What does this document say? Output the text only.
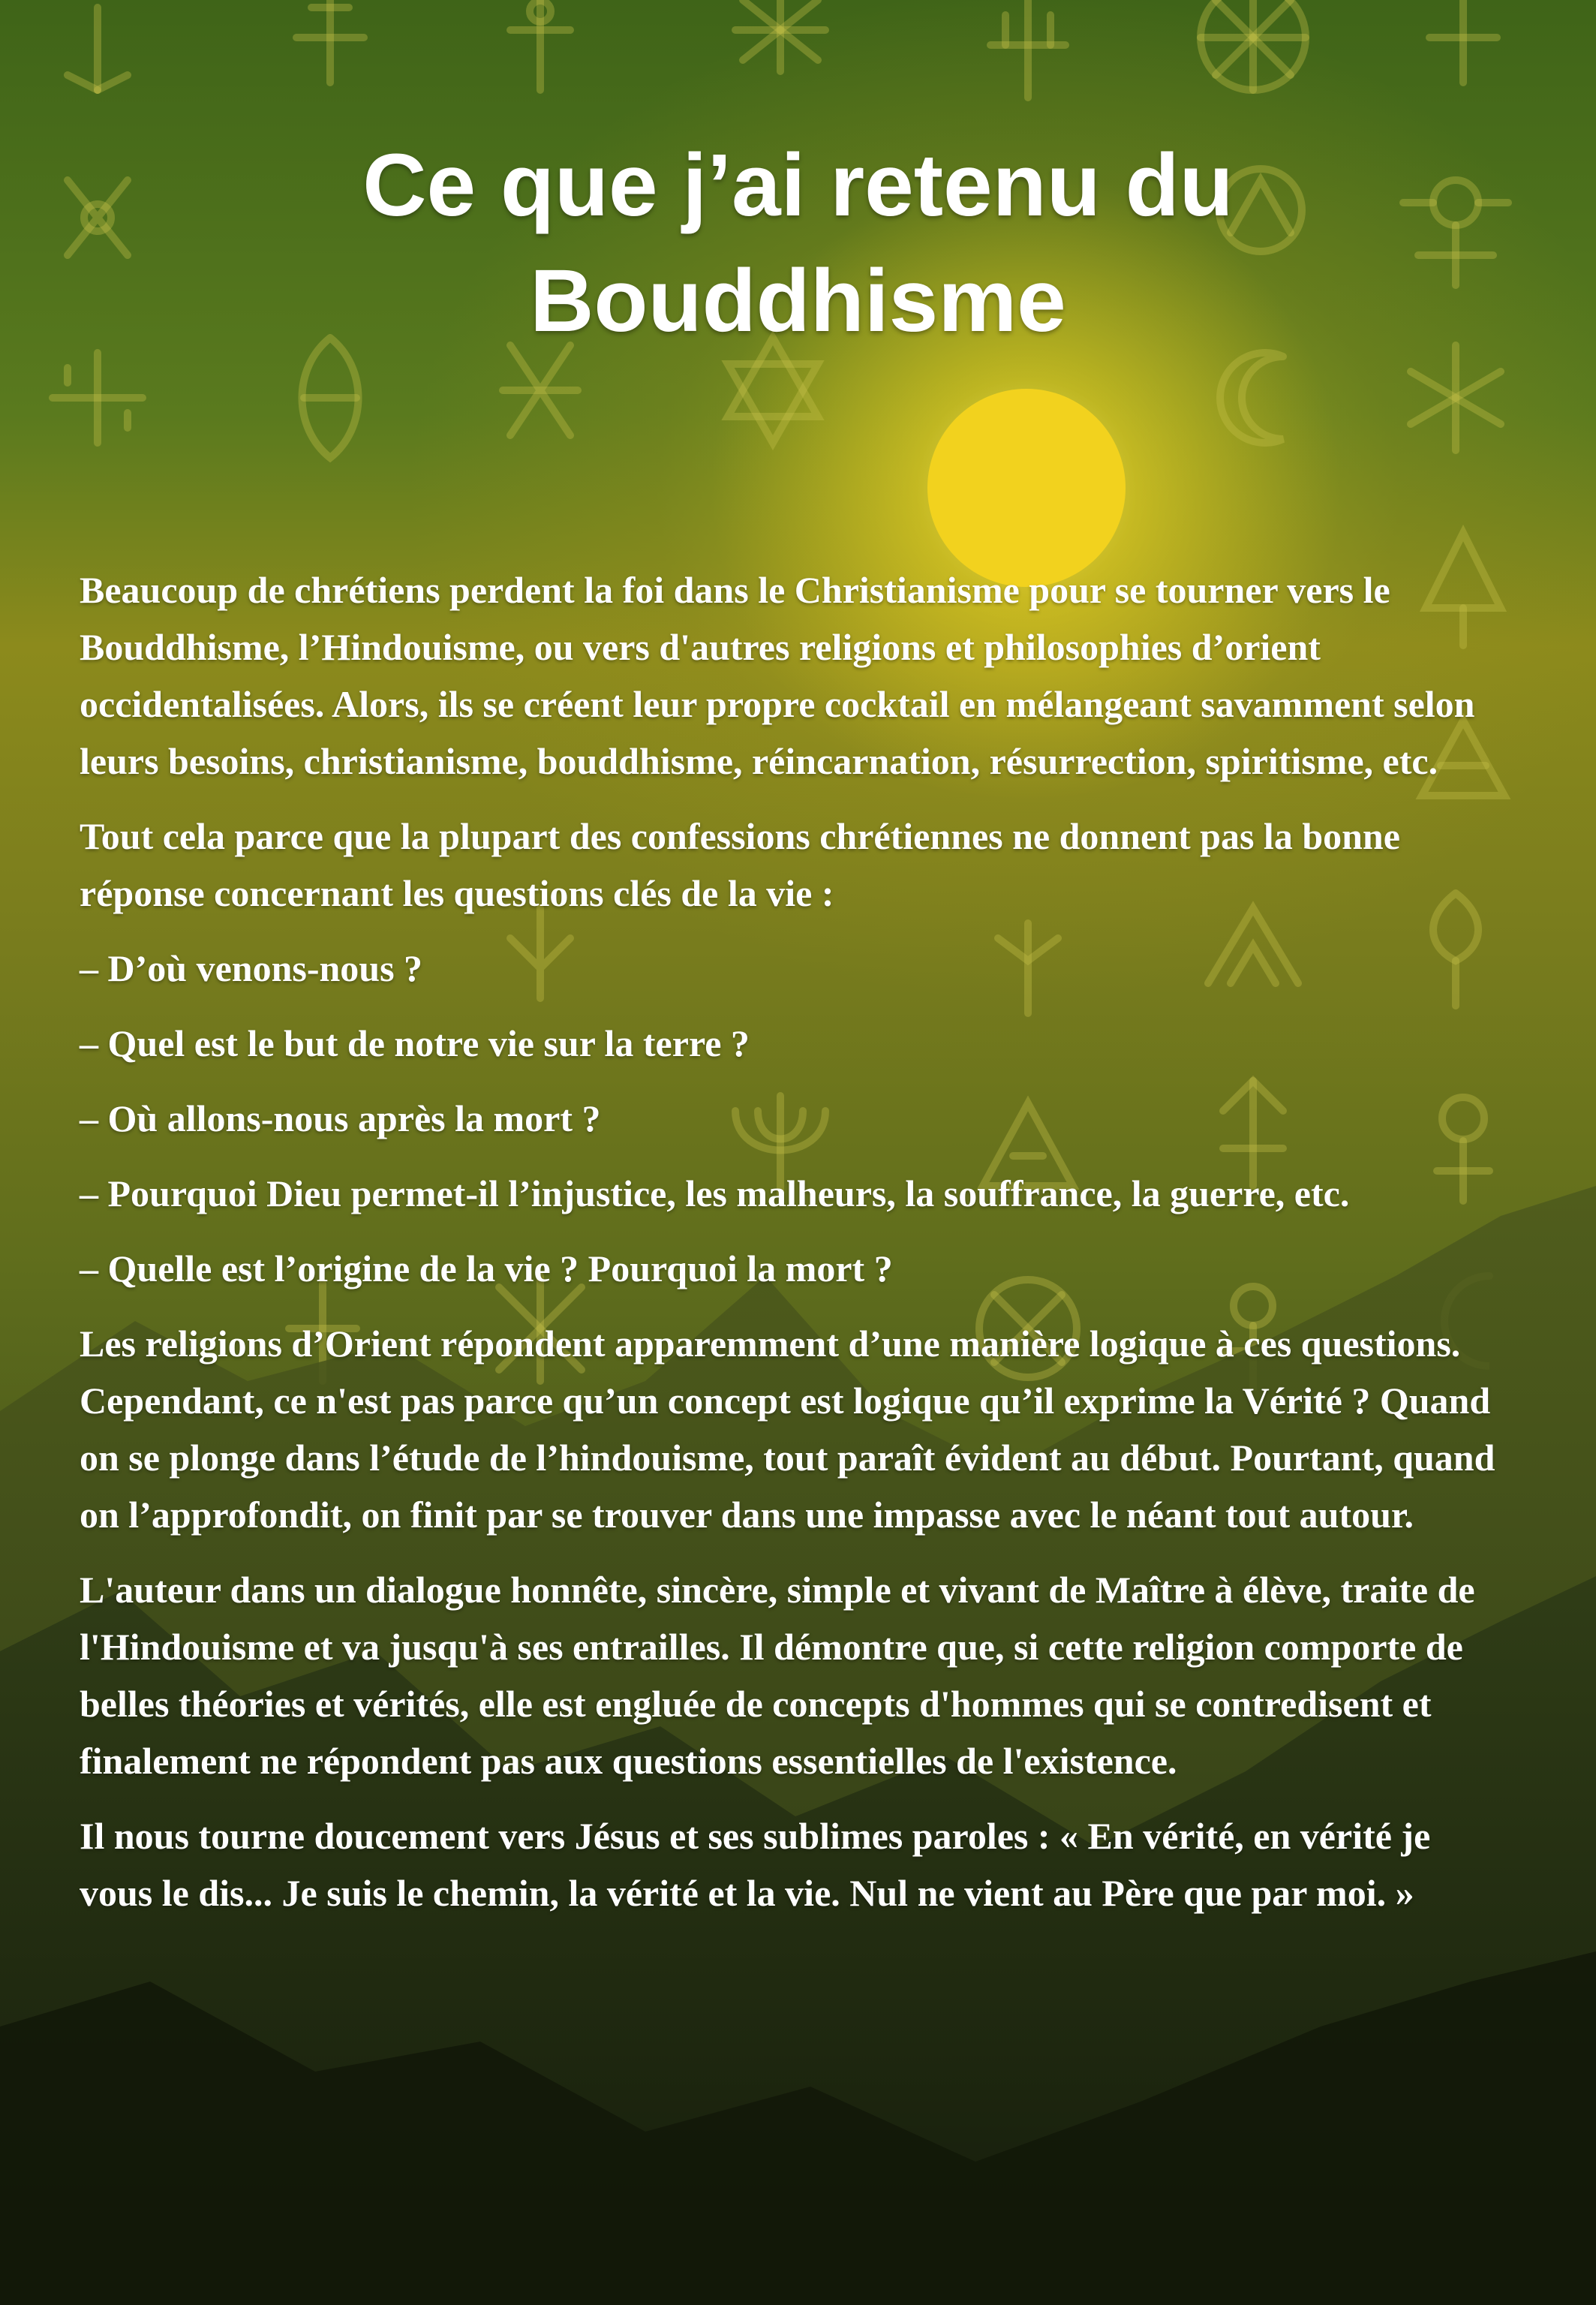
Ce que j’ai retenu du
Bouddhisme

Beaucoup de chrétiens perdent la foi dans le Christianisme pour se tourner vers le Bouddhisme, l’Hindouisme, ou vers d'autres religions et philosophies d’orient occidentalisées. Alors, ils se créent leur propre cocktail en mélangeant savamment selon leurs besoins, christianisme, bouddhisme, réincarnation, résurrection, spiritisme, etc.

Tout cela parce que la plupart des confessions chrétiennes ne donnent pas la bonne réponse concernant les questions clés de la vie :

– D’où venons-nous ?

– Quel est le but de notre vie sur la terre ?

– Où allons-nous après la mort ?

– Pourquoi Dieu permet-il l’injustice, les malheurs, la souffrance, la guerre, etc.

– Quelle est l’origine de la vie ? Pourquoi la mort ?

Les religions d’Orient répondent apparemment d’une manière logique à ces questions. Cependant, ce n'est pas parce qu’un concept est logique qu’il exprime la Vérité ? Quand on se plonge dans l’étude de l’hindouisme, tout paraît évident au début. Pourtant, quand on l’approfondit, on finit par se trouver dans une impasse avec le néant tout autour.

L'auteur dans un dialogue honnête, sincère, simple et vivant de Maître à élève, traite de l'Hindouisme et va jusqu'à ses entrailles. Il démontre que, si cette religion comporte de belles théories et vérités, elle est engluée de concepts d'hommes qui se contredisent et finalement ne répondent pas aux questions essentielles de l'existence.

Il nous tourne doucement vers Jésus et ses sublimes paroles : « En vérité, en vérité je vous le dis... Je suis le chemin, la vérité et la vie. Nul ne vient au Père que par moi. »
